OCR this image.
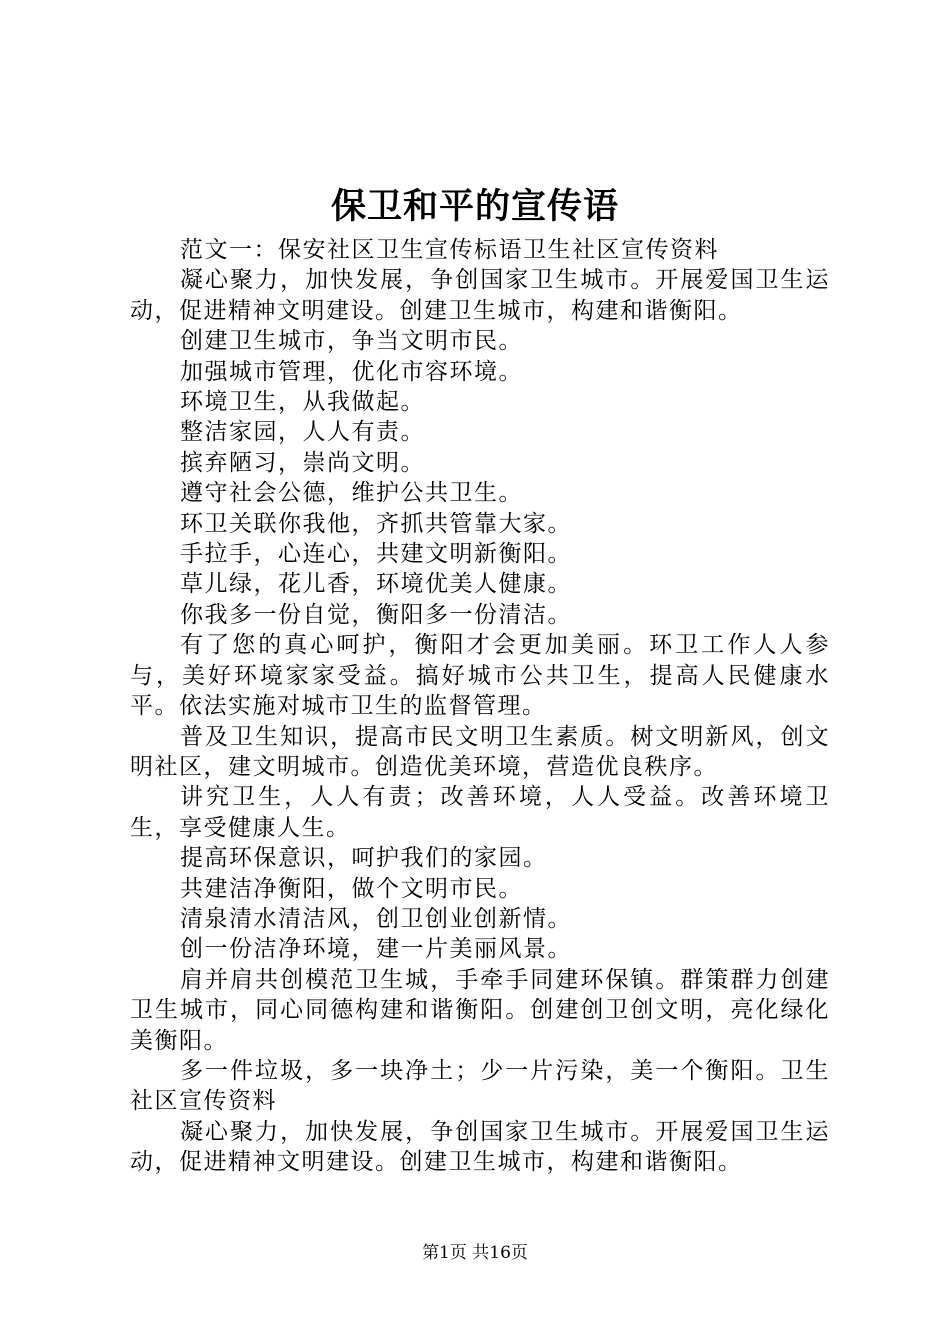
保卫和平的宣传语

范文一：保安社区卫生宣传标语卫生社区宣传资料

凝心聚力，加快发展，争创国家卫生城市。开展爱国卫生运动，促进精神文明建设。创建卫生城市，构建和谐衡阳。

创建卫生城市，争当文明市民。

加强城市管理，优化市容环境。

环境卫生，从我做起。

整洁家园，人人有责。

摈弃陋习，崇尚文明。

遵守社会公德，维护公共卫生。

环卫关联你我他，齐抓共管靠大家。

手拉手，心连心，共建文明新衡阳。

草儿绿，花儿香，环境优美人健康。

你我多一份自觉，衡阳多一份清洁。

有了您的真心呵护，衡阳才会更加美丽。环卫工作人人参与，美好环境家家受益。搞好城市公共卫生，提高人民健康水平。依法实施对城市卫生的监督管理。

普及卫生知识，提高市民文明卫生素质。树文明新风，创文明社区，建文明城市。创造优美环境，营造优良秩序。

讲究卫生，人人有责；改善环境，人人受益。改善环境卫生，享受健康人生。

提高环保意识，呵护我们的家园。

共建洁净衡阳，做个文明市民。

清泉清水清洁风，创卫创业创新情。

创一份洁净环境，建一片美丽风景。

肩并肩共创模范卫生城，手牵手同建环保镇。群策群力创建卫生城市，同心同德构建和谐衡阳。创建创卫创文明，亮化绿化美衡阳。

多一件垃圾，多一块净土；少一片污染，美一个衡阳。卫生社区宣传资料

凝心聚力，加快发展，争创国家卫生城市。开展爱国卫生运动，促进精神文明建设。创建卫生城市，构建和谐衡阳。

第1页 共16页
